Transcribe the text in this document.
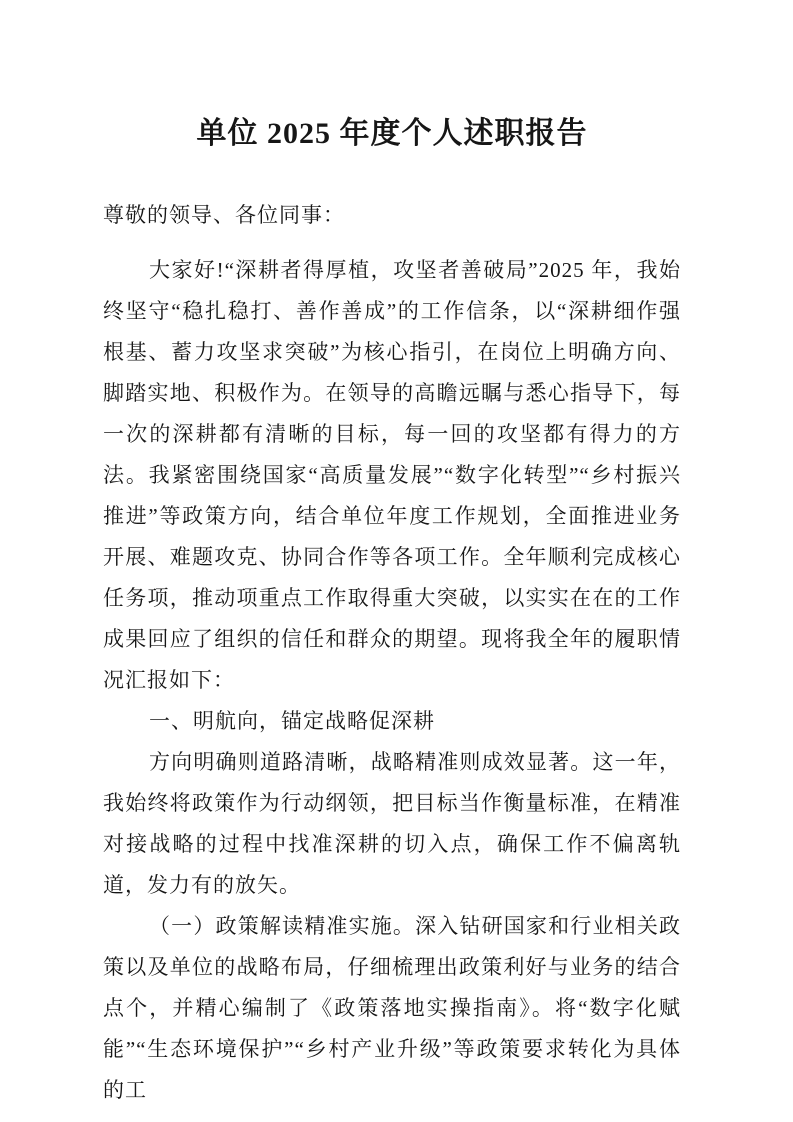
单位 2025 年度个人述职报告

尊敬的领导、各位同事：

大家好!“深耕者得厚植，攻坚者善破局”2025 年，我始终坚守“稳扎稳打、善作善成”的工作信条，以“深耕细作强根基、蓄力攻坚求突破”为核心指引，在岗位上明确方向、脚踏实地、积极作为。在领导的高瞻远瞩与悉心指导下，每一次的深耕都有清晰的目标，每一回的攻坚都有得力的方法。我紧密围绕国家“高质量发展”“数字化转型”“乡村振兴推进”等政策方向，结合单位年度工作规划，全面推进业务开展、难题攻克、协同合作等各项工作。全年顺利完成核心任务项，推动项重点工作取得重大突破，以实实在在的工作成果回应了组织的信任和群众的期望。现将我全年的履职情况汇报如下：

一、明航向，锚定战略促深耕

方向明确则道路清晰，战略精准则成效显著。这一年，我始终将政策作为行动纲领，把目标当作衡量标准，在精准对接战略的过程中找准深耕的切入点，确保工作不偏离轨道，发力有的放矢。

（一）政策解读精准实施。深入钻研国家和行业相关政策以及单位的战略布局，仔细梳理出政策利好与业务的结合点个，并精心编制了《政策落地实操指南》。将“数字化赋能”“生态环境保护”“乡村产业升级”等政策要求转化为具体的工
